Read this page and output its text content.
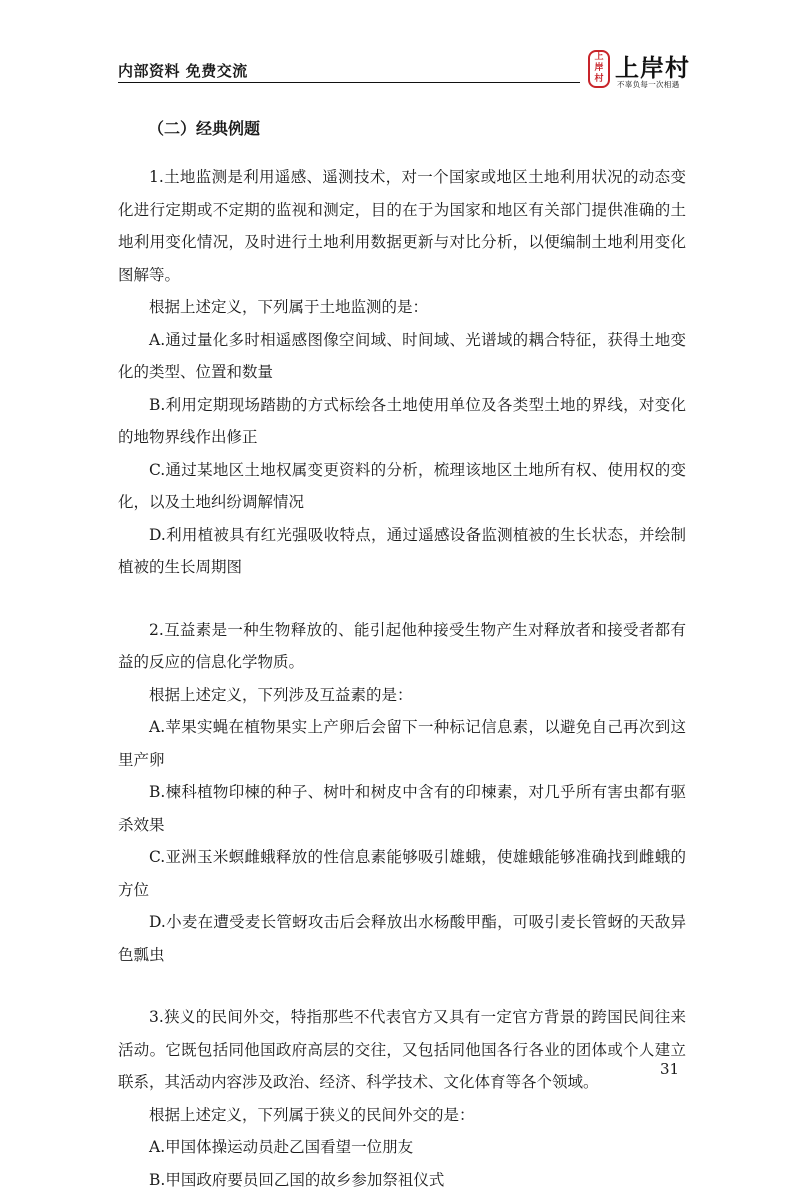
内部资料 免费交流
上
岸
村 上岸村
不辜负每一次相遇
（二）经典例题

1.土地监测是利用遥感、遥测技术，对一个国家或地区土地利用状况的动态变化进行定期或不定期的监视和测定，目的在于为国家和地区有关部门提供准确的土地利用变化情况，及时进行土地利用数据更新与对比分析，以便编制土地利用变化图解等。

根据上述定义，下列属于土地监测的是：

A.通过量化多时相遥感图像空间域、时间域、光谱域的耦合特征，获得土地变化的类型、位置和数量

B.利用定期现场踏勘的方式标绘各土地使用单位及各类型土地的界线，对变化的地物界线作出修正

C.通过某地区土地权属变更资料的分析，梳理该地区土地所有权、使用权的变化，以及土地纠纷调解情况

D.利用植被具有红光强吸收特点，通过遥感设备监测植被的生长状态，并绘制植被的生长周期图

2.互益素是一种生物释放的、能引起他种接受生物产生对释放者和接受者都有益的反应的信息化学物质。

根据上述定义，下列涉及互益素的是：

A.苹果实蝇在植物果实上产卵后会留下一种标记信息素，以避免自己再次到这里产卵

B.楝科植物印楝的种子、树叶和树皮中含有的印楝素，对几乎所有害虫都有驱杀效果

C.亚洲玉米螟雌蛾释放的性信息素能够吸引雄蛾，使雄蛾能够准确找到雌蛾的方位

D.小麦在遭受麦长管蚜攻击后会释放出水杨酸甲酯，可吸引麦长管蚜的天敌异色瓢虫

3.狭义的民间外交，特指那些不代表官方又具有一定官方背景的跨国民间往来活动。它既包括同他国政府高层的交往，又包括同他国各行各业的团体或个人建立联系，其活动内容涉及政治、经济、科学技术、文化体育等各个领域。

根据上述定义，下列属于狭义的民间外交的是：

A.甲国体操运动员赴乙国看望一位朋友

B.甲国政府要员回乙国的故乡参加祭祖仪式

31
